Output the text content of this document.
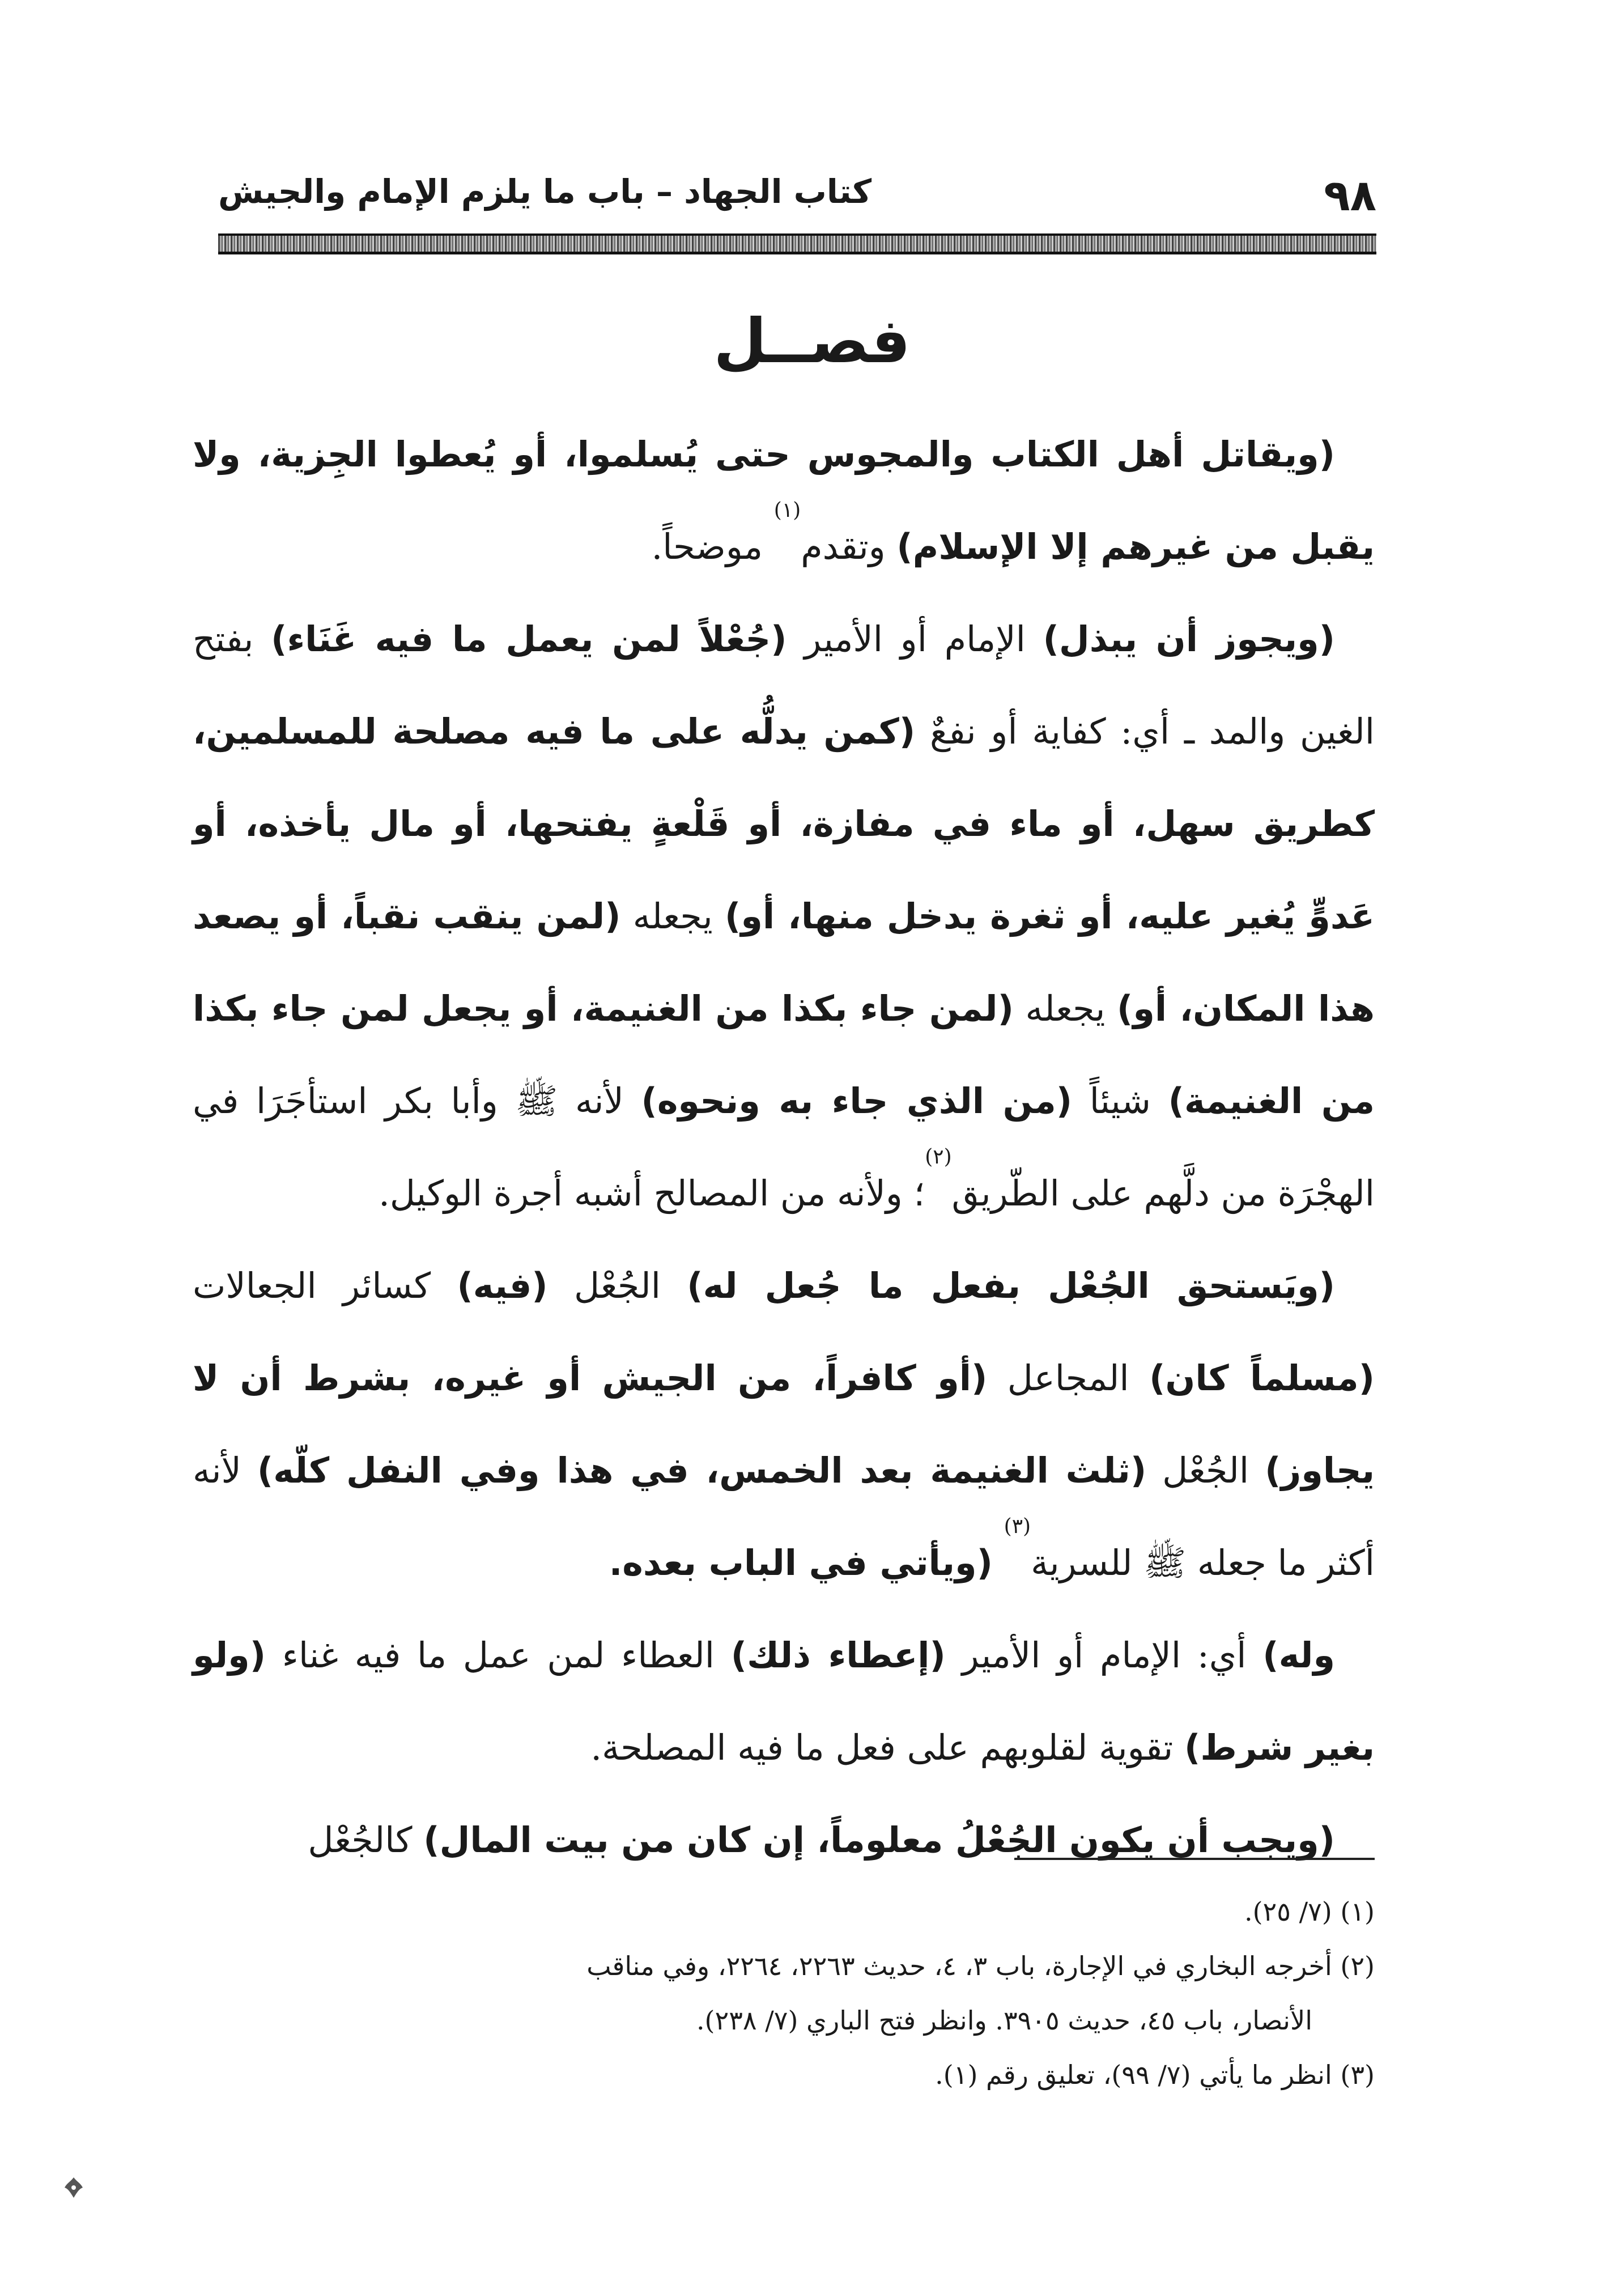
٩٨
كتاب الجهاد – باب ما يلزم الإمام والجيش
فصــل

(ويقاتل أهل الكتاب والمجوس حتى يُسلموا، أو يُعطوا الجِزية، ولا يقبل من غيرهم إلا الإسلام) وتقدم$^{(١)}$ موضحاً.

(ويجوز أن يبذل) الإمام أو الأمير (جُعْلاً لمن يعمل ما فيه غَنَاء) بفتح الغين والمد ـ أي: كفاية أو نفعٌ (كمن يدلُّه على ما فيه مصلحة للمسلمين، كطريق سهل، أو ماء في مفازة، أو قَلْعةٍ يفتحها، أو مال يأخذه، أو عَدوٍّ يُغير عليه، أو ثغرة يدخل منها، أو) يجعله (لمن ينقب نقباً، أو يصعد هذا المكان، أو) يجعله (لمن جاء بكذا من الغنيمة، أو يجعل لمن جاء بكذا من الغنيمة) شيئاً (من الذي جاء به ونحوه) لأنه ﷺ وأبا بكر استأجَرَا في الهجْرَة من دلَّهم على الطّريق$^{(٢)}$؛ ولأنه من المصالح أشبه أجرة الوكيل.

(ويَستحق الجُعْل بفعل ما جُعل له) الجُعْل (فيه) كسائر الجعالات (مسلماً كان) المجاعل (أو كافراً، من الجيش أو غيره، بشرط أن لا يجاوز) الجُعْل (ثلث الغنيمة بعد الخمس، في هذا وفي النفل كلّه) لأنه أكثر ما جعله ﷺ للسرية$^{(٣)}$ (ويأتي في الباب بعده.

وله) أي: الإمام أو الأمير (إعطاء ذلك) العطاء لمن عمل ما فيه غناء (ولو بغير شرط) تقوية لقلوبهم على فعل ما فيه المصلحة.

(ويجب أن يكون الجُعْلُ معلوماً، إن كان من بيت المال) كالجُعْل

(١) (٧/ ٢٥).
(٢) أخرجه البخاري في الإجارة، باب ٣، ٤، حديث ٢٢٦٣، ٢٢٦٤، وفي مناقب
الأنصار، باب ٤٥، حديث ٣٩٠٥. وانظر فتح الباري (٧/ ٢٣٨).
(٣) انظر ما يأتي (٧/ ٩٩)، تعليق رقم (١).
